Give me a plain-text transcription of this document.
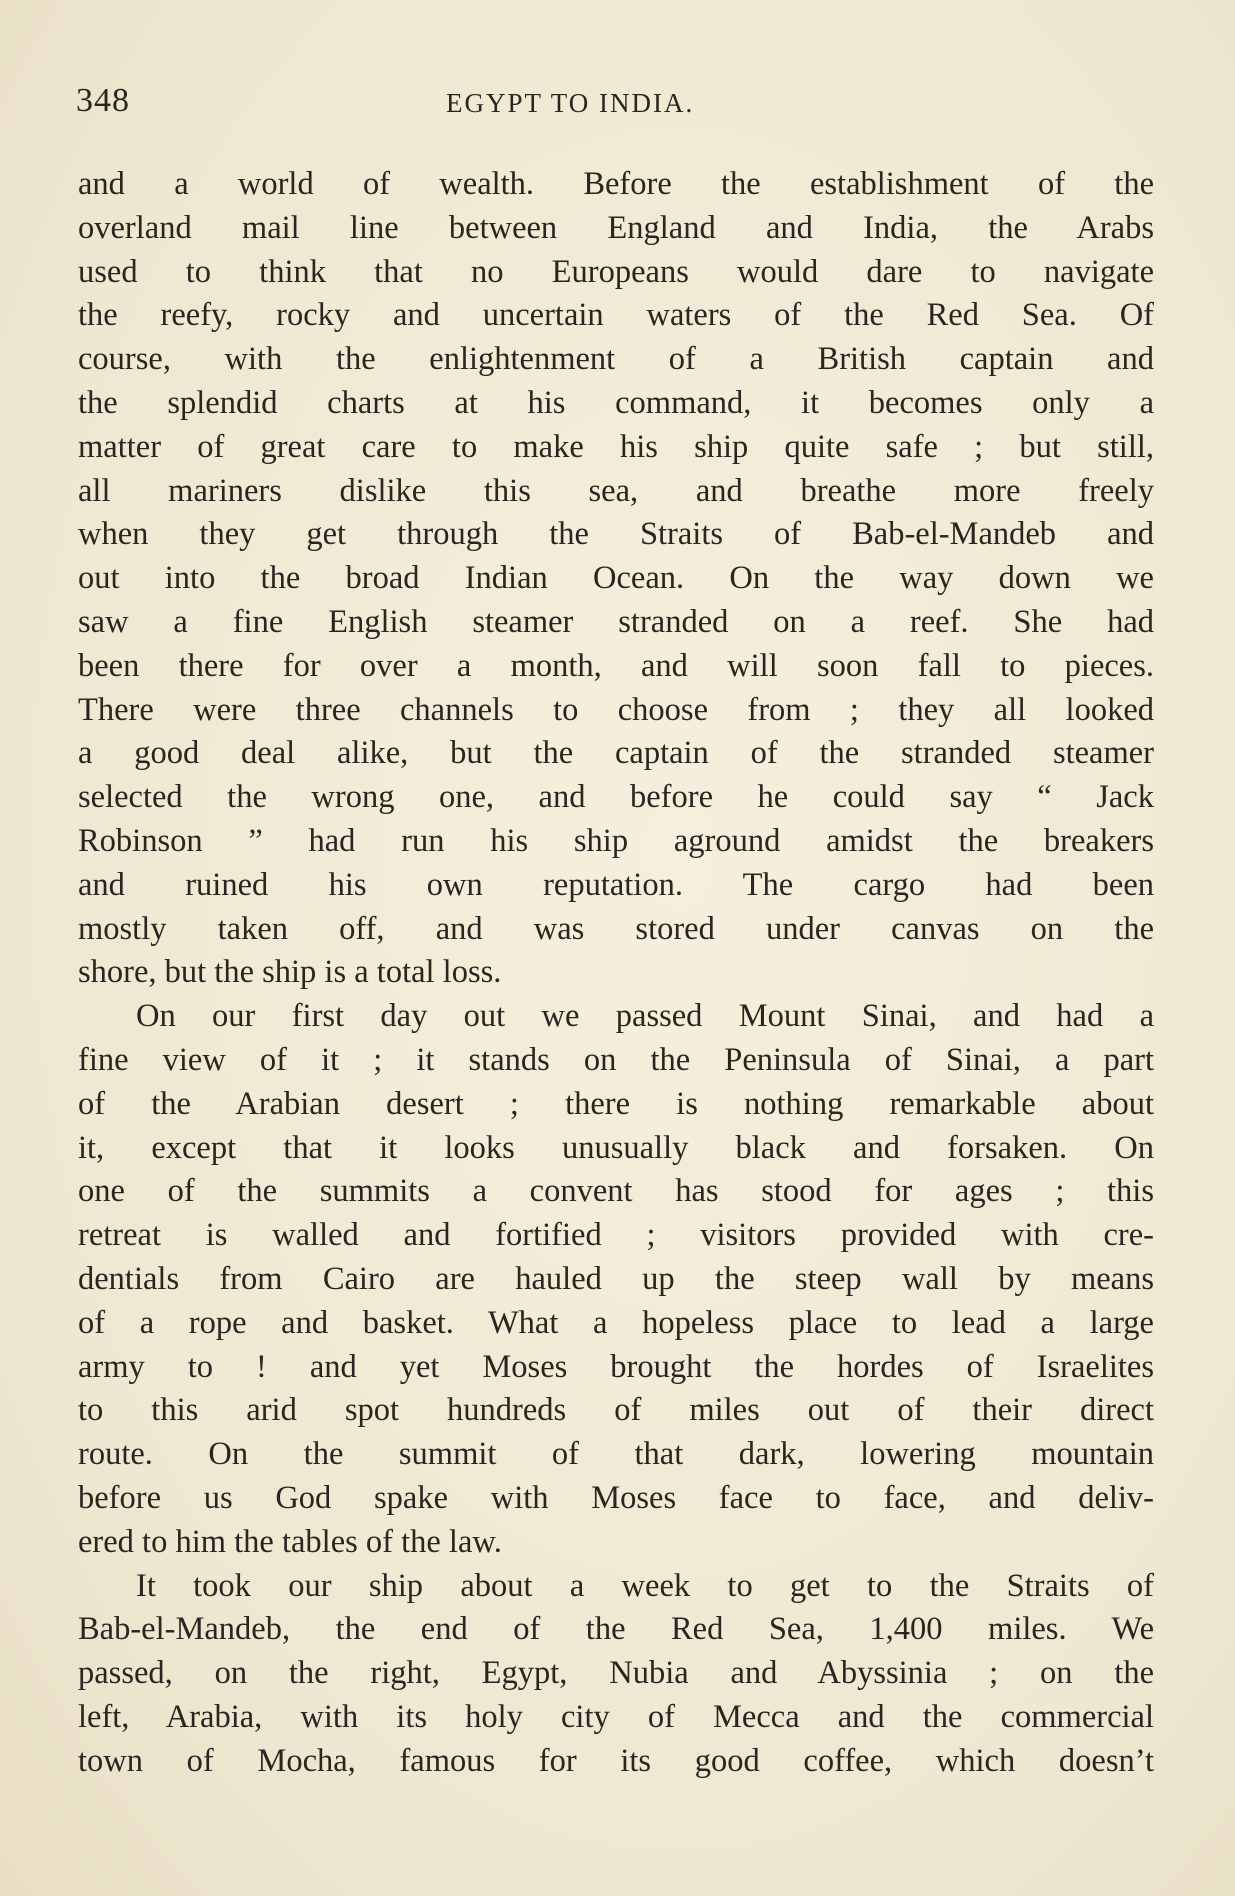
348	EGYPT TO INDIA.
and a world of wealth. Before the establishment of the
overland mail line between England and India, the Arabs
used to think that no Europeans would dare to navigate
the reefy, rocky and uncertain waters of the Red Sea. Of
course, with the enlightenment of a British captain and
the splendid charts at his command, it becomes only a
matter of great care to make his ship quite safe ; but still,
all mariners dislike this sea, and breathe more freely
when they get through the Straits of Bab-el-Mandeb and
out into the broad Indian Ocean. On the way down we
saw a fine English steamer stranded on a reef. She had
been there for over a month, and will soon fall to pieces.
There were three channels to choose from ; they all looked
a good deal alike, but the captain of the stranded steamer
selected the wrong one, and before he could say “ Jack
Robinson ” had run his ship aground amidst the breakers
and ruined his own reputation. The cargo had been
mostly taken off, and was stored under canvas on the
shore, but the ship is a total loss.
On our first day out we passed Mount Sinai, and had a
fine view of it ; it stands on the Peninsula of Sinai, a part
of the Arabian desert ; there is nothing remarkable about
it, except that it looks unusually black and forsaken. On
one of the summits a convent has stood for ages ; this
retreat is walled and fortified ; visitors provided with cre-
dentials from Cairo are hauled up the steep wall by means
of a rope and basket. What a hopeless place to lead a large
army to ! and yet Moses brought the hordes of Israelites
to this arid spot hundreds of miles out of their direct
route. On the summit of that dark, lowering mountain
before us God spake with Moses face to face, and deliv-
ered to him the tables of the law.
It took our ship about a week to get to the Straits of
Bab-el-Mandeb, the end of the Red Sea, 1,400 miles. We
passed, on the right, Egypt, Nubia and Abyssinia ; on the
left, Arabia, with its holy city of Mecca and the commercial
town of Mocha, famous for its good coffee, which doesn’t
